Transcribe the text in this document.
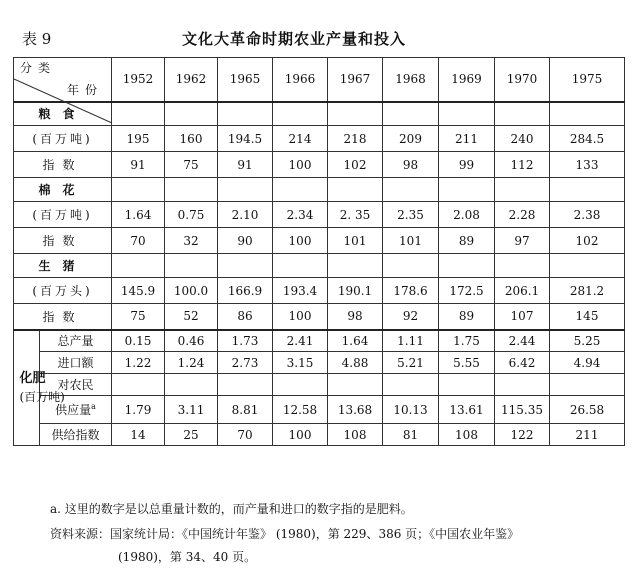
表 9	文化大革命时期农业产量和投入
年份
分类		1952	1962	1965	1966	1967	1968	1969	1970	1975
粮食										
(百万吨)		195	160	194.5	214	218	209	211	240	284.5
指数		91	75	91	100	102	98	99	112	133
棉花										
(百万吨)		1.64	0.75	2.10	2.34	2. 35	2.35	2.08	2.28	2.38
指数		70	32	90	100	101	101	89	97	102
生猪										
(百万头)		145.9	100.0	166.9	193.4	190.1	178.6	172.5	206.1	281.2
指数		75	52	86	100	98	92	89	107	145

化肥
(百万吨)	总产量	0.15	0.46	1.73	2.41	1.64	1.11	1.75	2.44	5.25
	进口额	1.22	1.24	2.73	3.15	4.88	5.21	5.55	6.42	4.94
	对农民									
	供应量$^a$	1.79	3.11	8.81	12.58	13.68	10.13	13.61	115.35	26.58
	供给指数	14	25	70	100	108	81	108	122	211
a. 这里的数字是以总重量计数的，而产量和进口的数字指的是肥料。
资料来源：国家统计局：《中国统计年鉴》 (1980)，第 229、386 页；《中国农业年鉴》
(1980)，第 34、40 页。
